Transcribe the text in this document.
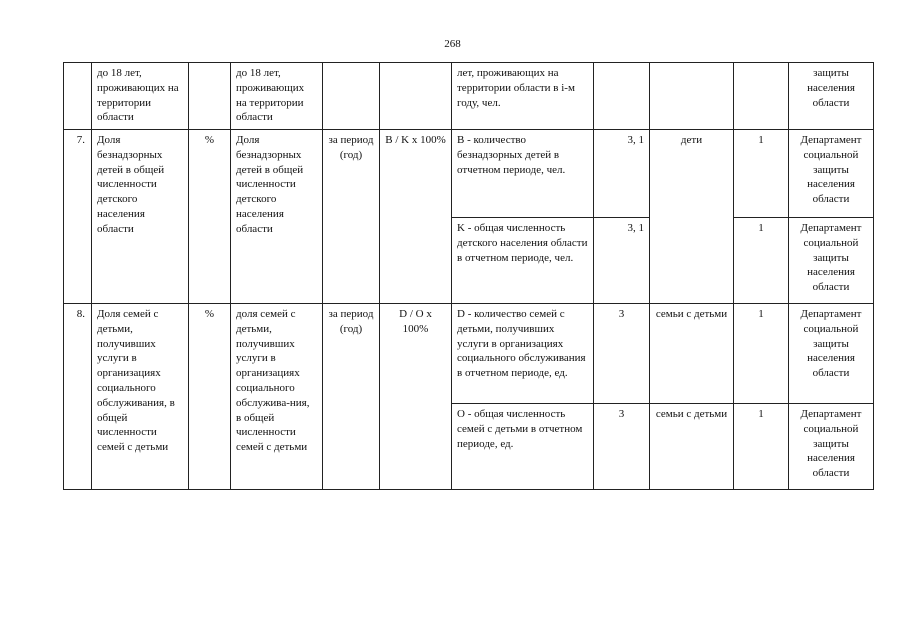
268
	до 18 лет, проживающих на территории области		до 18 лет, проживающих на территории области			лет, проживающих на территории области в i-м году, чел.				защиты населения области
7.	Доля безнадзорных детей в общей численности детского населения области	%	Доля безнадзорных детей в общей численности детского населения области	за период (год)	B / K x 100%	B - количество безнадзорных детей в отчетном периоде, чел.	3, 1	дети	1	Департамент социальной защиты населения области
						K - общая численность детского населения области в отчетном периоде, чел.	3, 1		1	Департамент социальной защиты населения области
8.	Доля семей с детьми, получивших услуги в организациях социального обслуживания, в общей численности семей с детьми	%	доля семей с детьми, получивших услуги в организациях социального обслужива-ния, в общей численности семей с детьми	за период (год)	D / O x 100%	D - количество семей с детьми, получивших услуги в организациях социального обслуживания в отчетном периоде, ед.	3	семьи с детьми	1	Департамент социальной защиты населения области
						O - общая численность семей с детьми в отчетном периоде, ед.	3	семьи с детьми	1	Департамент социальной защиты населения области
